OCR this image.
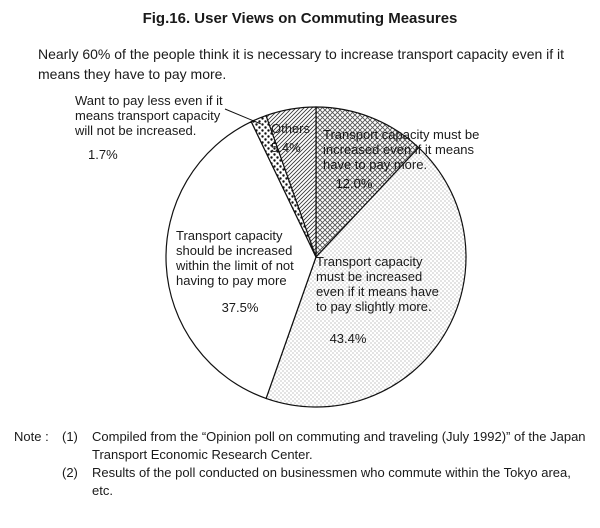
Fig.16. User Views on Commuting Measures
Nearly 60% of the people think it is necessary to increase transport capacity even if it means they have to pay more.
Transport capacity must be increased even if it means have to pay more.
12.0%
Transport capacity must be increased even if it means have to pay slightly more.
43.4%
Transport capacity should be increased within the limit of not having to pay more
37.5%
Want to pay less even if it means transport capacity will not be increased.
1.7%
Others
5.4%
Note :	(1)	Compiled from the “Opinion poll on commuting and traveling (July 1992)” of the Japan Transport Economic Research Center.
(2)	Results of the poll conducted on businessmen who commute within the Tokyo area, etc.
